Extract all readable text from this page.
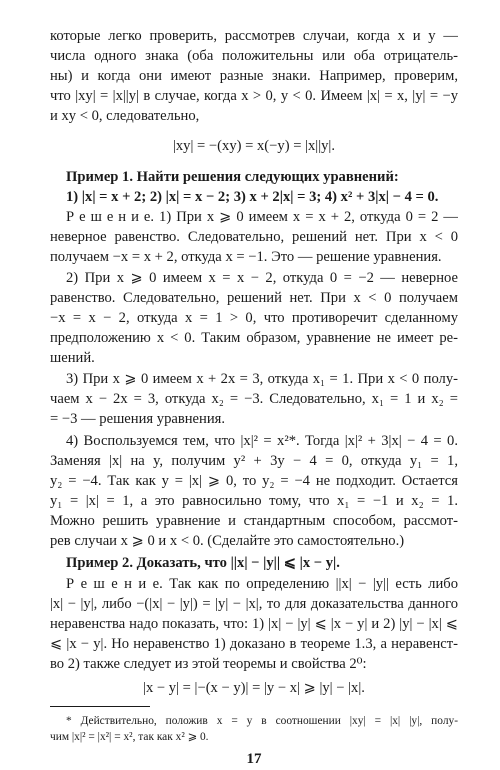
которые легко проверить, рассмотрев случаи, когда x и y —
числа одного знака (оба положительны или оба отрицатель-
ны) и когда они имеют разные знаки. Например, проверим,
что |xy| = |x||y| в случае, когда x > 0, y < 0. Имеем |x| = x, |y| = −y
и xy < 0, следовательно,
|xy| = −(xy) = x(−y) = |x||y|.
Пример 1. Найти решения следующих уравнений:
1) |x| = x + 2; 2) |x| = x − 2; 3) x + 2|x| = 3; 4) x² + 3|x| − 4 = 0.
Р е ш е н и е. 1) При x ⩾ 0 имеем x = x + 2, откуда 0 = 2 —
неверное равенство. Следовательно, решений нет. При x < 0
получаем −x = x + 2, откуда x = −1. Это — решение уравнения.
2) При x ⩾ 0 имеем x = x − 2, откуда 0 = −2 — неверное
равенство. Следовательно, решений нет. При x < 0 получаем
−x = x − 2, откуда x = 1 > 0, что противоречит сделанному
предположению x < 0. Таким образом, уравнение не имеет ре-
шений.
3) При x ⩾ 0 имеем x + 2x = 3, откуда x₁ = 1. При x < 0 полу-
чаем x − 2x = 3, откуда x₂ = −3. Следовательно, x₁ = 1 и x₂ =
= −3 — решения уравнения.
4) Воспользуемся тем, что |x|² = x²*. Тогда |x|² + 3|x| − 4 = 0.
Заменяя |x| на y, получим y² + 3y − 4 = 0, откуда y₁ = 1,
y₂ = −4. Так как y = |x| ⩾ 0, то y₂ = −4 не подходит. Остается
y₁ = |x| = 1, а это равносильно тому, что x₁ = −1 и x₂ = 1.
Можно решить уравнение и стандартным способом, рассмот-
рев случаи x ⩾ 0 и x < 0. (Сделайте это самостоятельно.)
Пример 2. Доказать, что ||x| − |y|| ⩽ |x − y|.
Р е ш е н и е. Так как по определению ||x| − |y|| есть либо
|x| − |y|, либо −(|x| − |y|) = |y| − |x|, то для доказательства данного
неравенства надо показать, что: 1) |x| − |y| ⩽ |x − y| и 2) |y| − |x| ⩽
⩽ |x − y|. Но неравенство 1) доказано в теореме 1.3, а неравенст-
во 2) также следует из этой теоремы и свойства 2⁰:
|x − y| = |−(x − y)| = |y − x| ⩾ |y| − |x|.
* Действительно, положив x = y в соотношении |xy| = |x| |y|, полу-
чим |x|² = |x²| = x², так как x² ⩾ 0.
17
